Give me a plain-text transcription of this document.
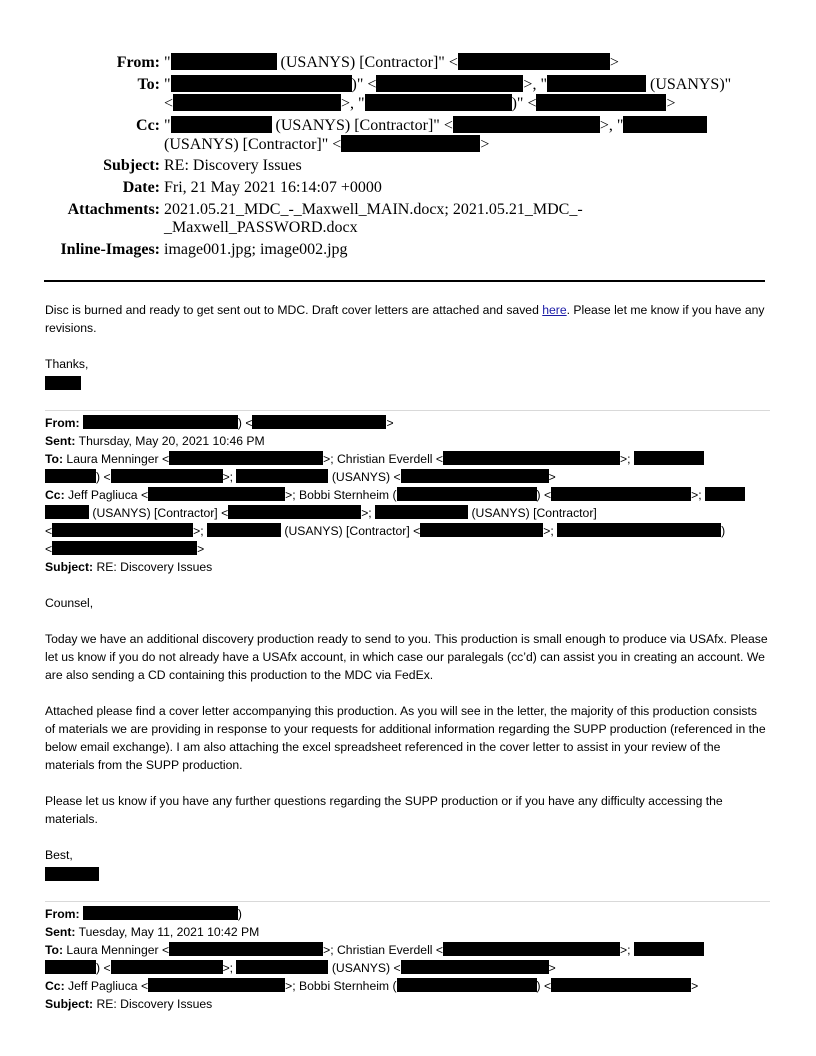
From: "	(USANYS) [Contractor]" <	>
To: "	)" <	>, "	(USANYS)"
<	>, "	)" <	>
Cc: "	(USANYS) [Contractor]" <	>, "
(USANYS) [Contractor]" <	>
Subject: RE: Discovery Issues
Date: Fri, 21 May 2021 16:14:07 +0000
Attachments: 2021.05.21_MDC_-_Maxwell_MAIN.docx; 2021.05.21_MDC_-
_Maxwell_PASSWORD.docx
Inline-Images: image001.jpg; image002.jpg
Disc is burned and ready to get sent out to MDC. Draft cover letters are attached and saved here. Please let me know if you have any revisions.
Thanks,
From:	) <	>
Sent: Thursday, May 20, 2021 10:46 PM
To: Laura Menninger <	>; Christian Everdell <	>;
) <	>;	(USANYS) <	>
Cc: Jeff Pagliuca <	>; Bobbi Sternheim (	) <	>;
(USANYS) [Contractor] <	>;	(USANYS) [Contractor]
<	>;	(USANYS) [Contractor] <	>;	)
<	>
Subject: RE: Discovery Issues
Counsel,
Today we have an additional discovery production ready to send to you. This production is small enough to produce via USAfx. Please let us know if you do not already have a USAfx account, in which case our paralegals (cc’d) can assist you in creating an account. We are also sending a CD containing this production to the MDC via FedEx.
Attached please find a cover letter accompanying this production. As you will see in the letter, the majority of this production consists of materials we are providing in response to your requests for additional information regarding the SUPP production (referenced in the below email exchange). I am also attaching the excel spreadsheet referenced in the cover letter to assist in your review of the materials from the SUPP production.
Please let us know if you have any further questions regarding the SUPP production or if you have any difficulty accessing the materials.
Best,
From:	)
Sent: Tuesday, May 11, 2021 10:42 PM
To: Laura Menninger <	>; Christian Everdell <	>;
) <	>;	(USANYS) <	>
Cc: Jeff Pagliuca <	>; Bobbi Sternheim (	) <	>
Subject: RE: Discovery Issues
